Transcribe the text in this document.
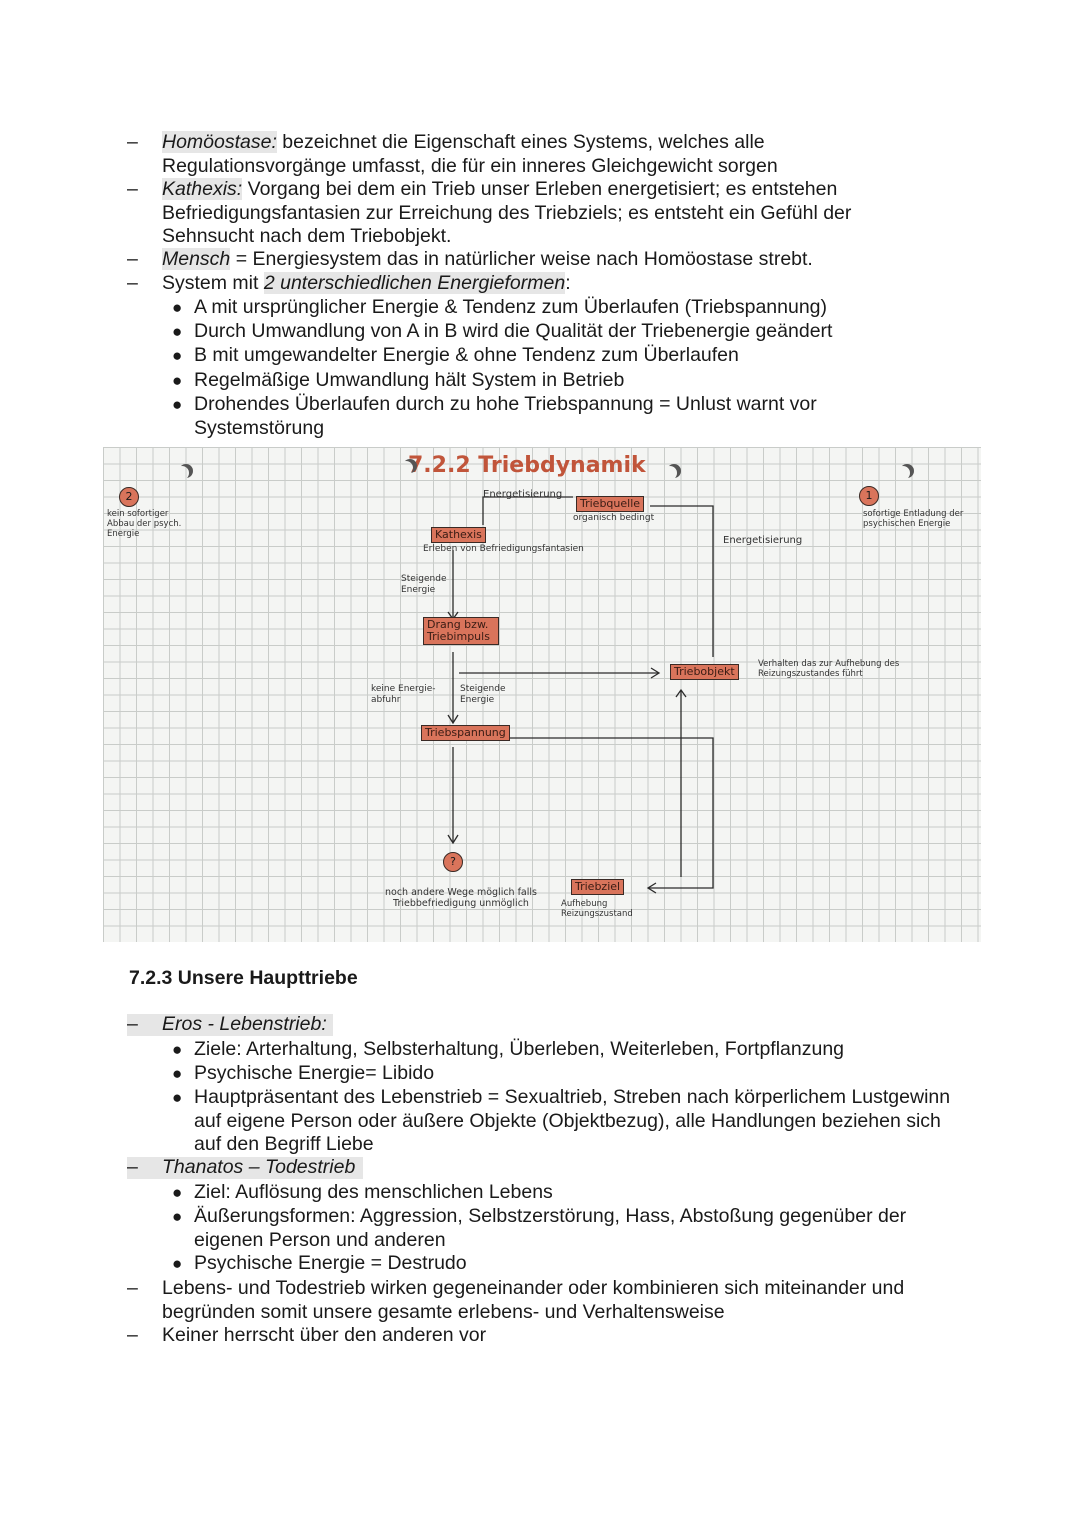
– Homöostase: bezeichnet die Eigenschaft eines Systems, welches alle Regulationsvorgänge umfasst, die für ein inneres Gleichgewicht sorgen
– Kathexis: Vorgang bei dem ein Trieb unser Erleben energetisiert; es entstehen Befriedigungsfantasien zur Erreichung des Triebziels; es entsteht ein Gefühl der Sehnsucht nach dem Triebobjekt.
– Mensch = Energiesystem das in natürlicher weise nach Homöostase strebt.
– System mit 2 unterschiedlichen Energieformen:
● A mit ursprünglicher Energie & Tendenz zum Überlaufen (Triebspannung)
● Durch Umwandlung von A in B wird die Qualität der Triebenergie geändert
● B mit umgewandelter Energie & ohne Tendenz zum Überlaufen
● Regelmäßige Umwandlung hält System in Betrieb
● Drohendes Überlaufen durch zu hohe Triebspannung = Unlust warnt vor Systemstörung
7.2.2 Triebdynamik
Energetisierung
Triebquelle
organisch bedingt
Kathexis
Erleben von Befriedigungsfantasien
Steigende Energie
Drang bzw. Triebimpuls
keine Energie-abfuhr
Steigende Energie
Triebspannung
Triebobjekt
Verhalten das zur Aufhebung des Reizungszustandes führt
Energetisierung
Triebziel
Aufhebung Reizungszustand
noch andere Wege möglich falls Triebbefriedigung unmöglich
?
2
kein sofortiger Abbau der psych. Energie
1
sofortige Entladung der psychischen Energie
7.2.3 Unsere Haupttriebe
– Eros - Lebenstrieb:
● Ziele: Arterhaltung, Selbsterhaltung, Überleben, Weiterleben, Fortpflanzung
● Psychische Energie= Libido
● Hauptpräsentant des Lebenstrieb = Sexualtrieb, Streben nach körperlichem Lustgewinn auf eigene Person oder äußere Objekte (Objektbezug), alle Handlungen beziehen sich auf den Begriff Liebe
– Thanatos – Todestrieb
● Ziel: Auflösung des menschlichen Lebens
● Äußerungsformen: Aggression, Selbstzerstörung, Hass, Abstoßung gegenüber der eigenen Person und anderen
● Psychische Energie = Destrudo
– Lebens- und Todestrieb wirken gegeneinander oder kombinieren sich miteinander und begründen somit unsere gesamte erlebens- und Verhaltensweise
– Keiner herrscht über den anderen vor
